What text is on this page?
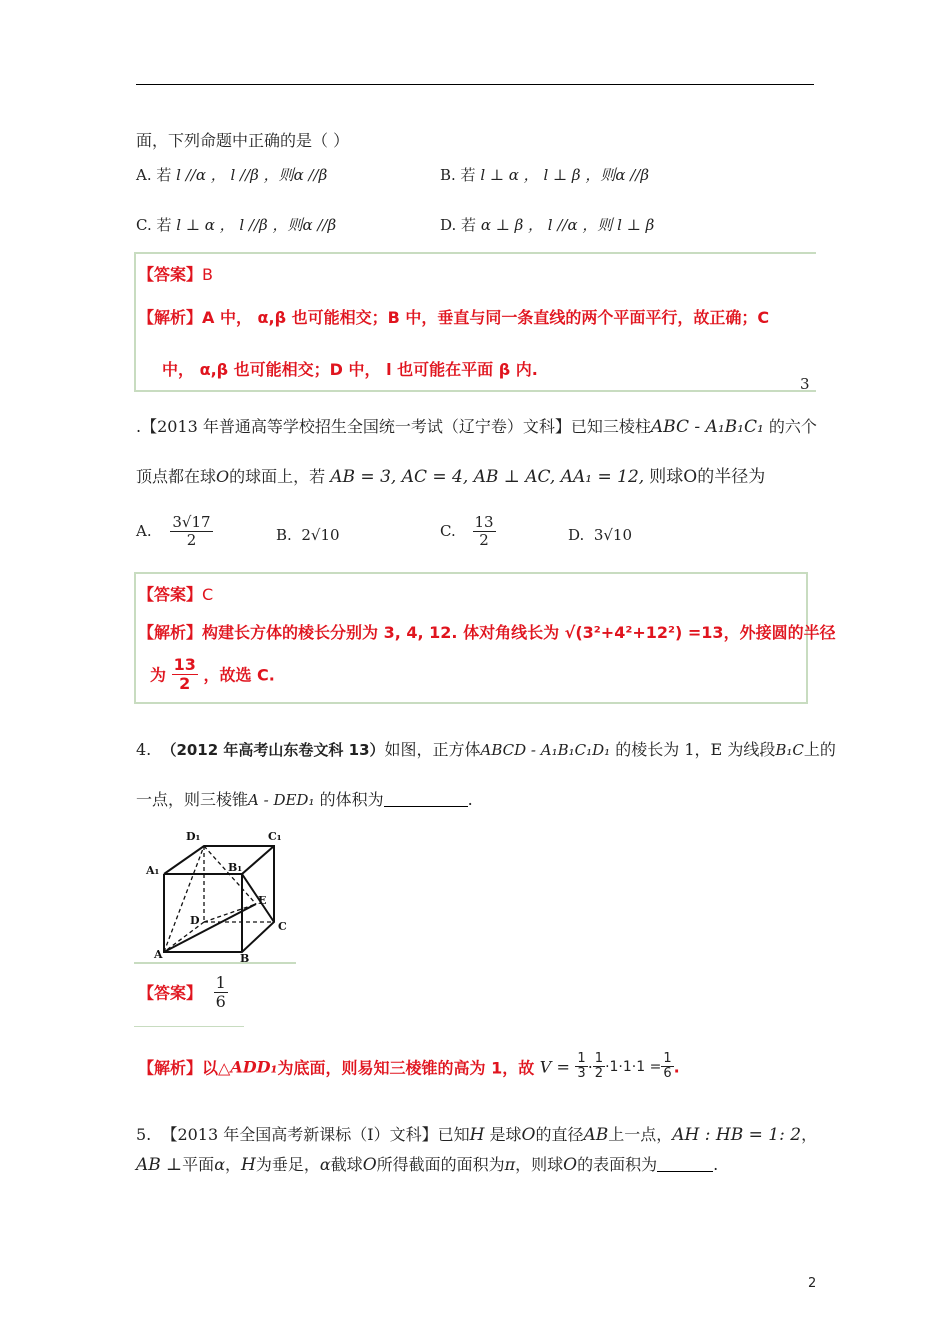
面，下列命题中正确的是（ ）
A. 若 l //α ， l //β ，则α //β	B. 若 l ⊥ α ， l ⊥ β ，则α //β
C. 若 l ⊥ α ， l //β ，则α //β	D. 若 α ⊥ β ， l //α ，则 l ⊥ β
【答案】B
【解析】A 中， α,β 也可能相交；B 中，垂直与同一条直线的两个平面平行，故正确；C
中， α,β 也可能相交；D 中， l 也可能在平面 β 内.
3
.【2013 年普通高等学校招生全国统一考试（辽宁卷）文科】已知三棱柱ABC - A₁B₁C₁ 的六个
顶点都在球O的球面上，若 AB = 3, AC = 4, AB ⊥ AC, AA₁ = 12, 则球O的半径为
A. $\frac{3√17}{2}$	B. 2√10	C. $\frac{13}{2}$	D. 3√10
【答案】C
【解析】构建长方体的棱长分别为 3, 4, 12. 体对角线长为 √(3²+4²+12²) =13，外接圆的半径
为 $\frac{13}{2}$ ，故选 C.
4. （2012 年高考山东卷文科 13）如图，正方体ABCD - A₁B₁C₁D₁ 的棱长为 1，E 为线段B₁C上的
一点，则三棱锥A - DED₁ 的体积为	.
D₁	C₁
A₁	B₁
D
E
C
A	B
【答案】 $\frac{1}{6}$
【解析】以△ADD₁为底面，则易知三棱锥的高为 1，故 $V = \frac{1}{3} \cdot \frac{1}{2} \cdot 1\cdot 1\cdot 1 = \frac{1}{6}$ .
5. 【2013 年全国高考新课标（I）文科】已知H 是球O的直径AB上一点，AH : HB = 1: 2，
AB ⊥平面α，H为垂足，α截球O所得截面的面积为π，则球O的表面积为	.
2
